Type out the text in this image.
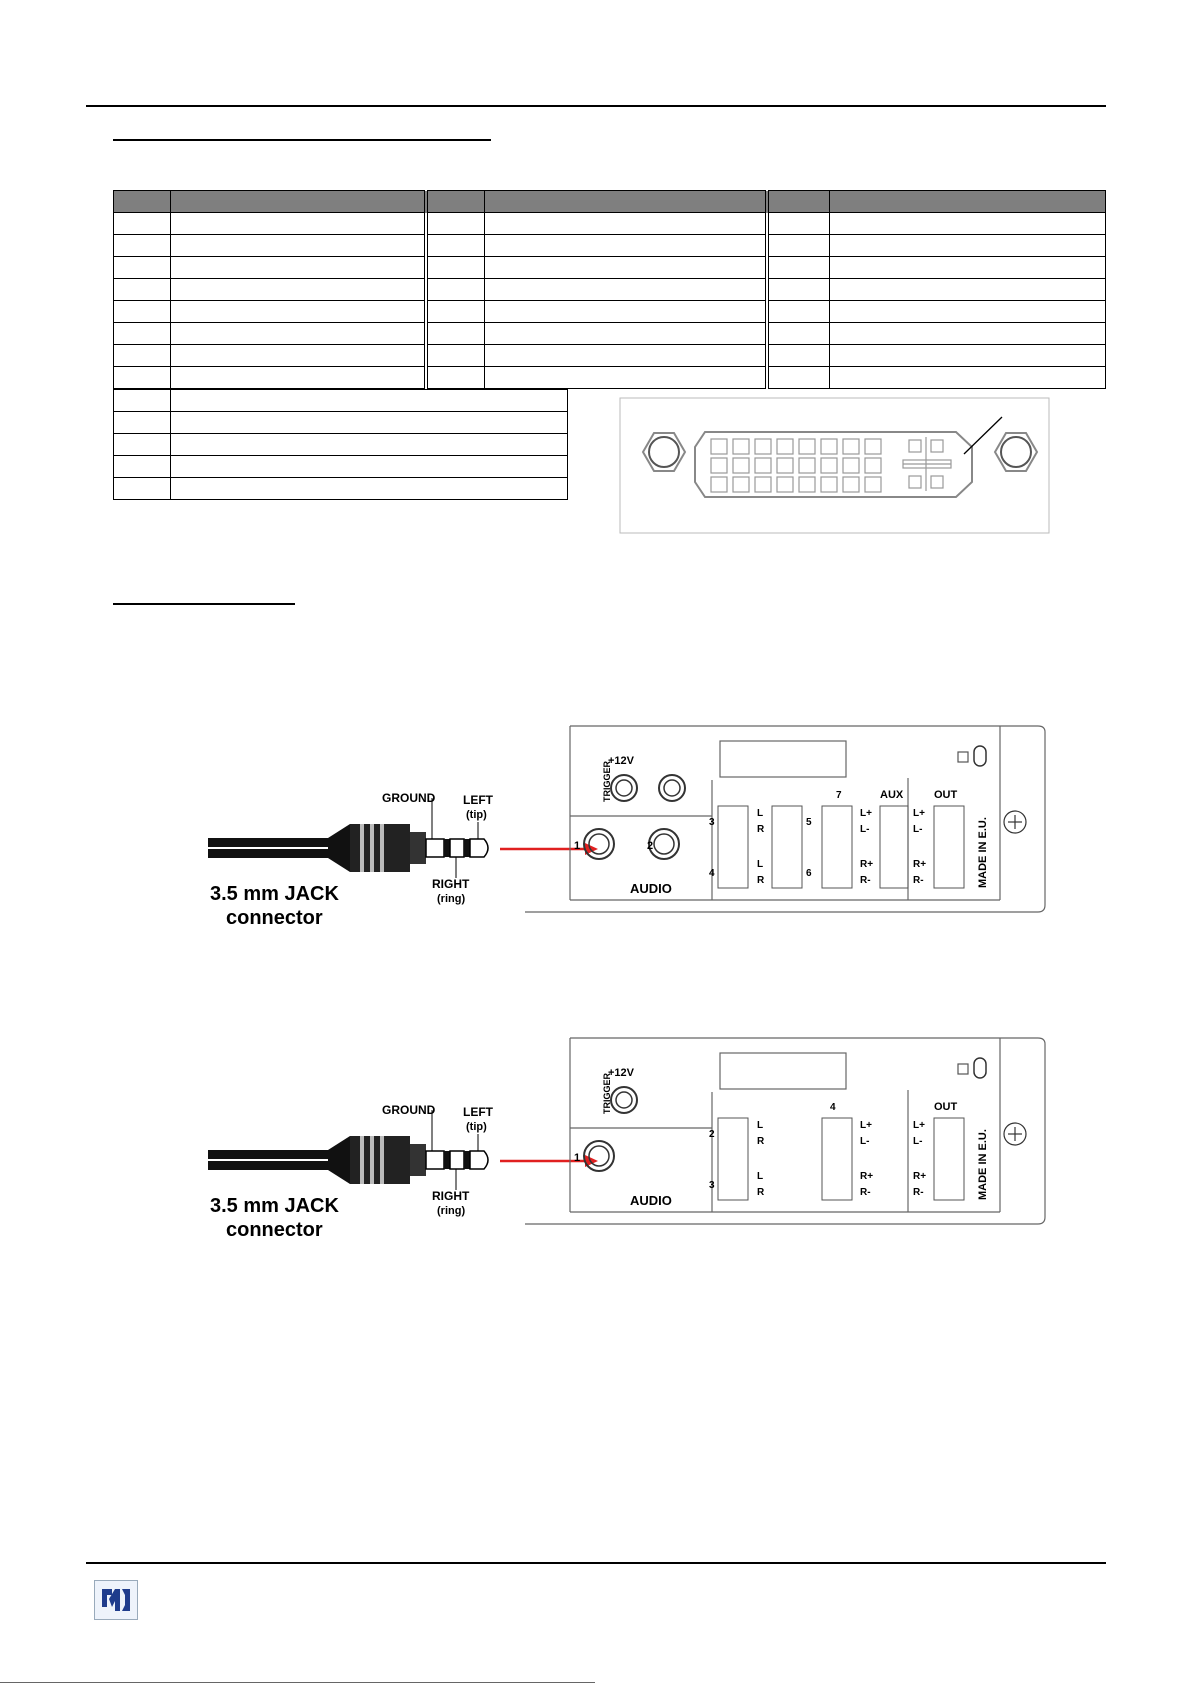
GROUND LEFT
(tip)
RIGHT
(ring)
3.5 mm JACK
connector
+12V
TRIGGER
AUDIO
1	2
3
4
5
6
7	AUX	OUT
L
R
L
R
L+
L-
R+
R-
L+
L-
R+
R-	MADE IN E.U.
GROUND LEFT
(tip)
RIGHT
(ring)
3.5 mm JACK
connector
+12V
TRIGGER
AUDIO
1
2
3
4	OUT
L
R
L
R
L+
L-
R+
R-
L+
L-
R+
R-	MADE IN E.U.
